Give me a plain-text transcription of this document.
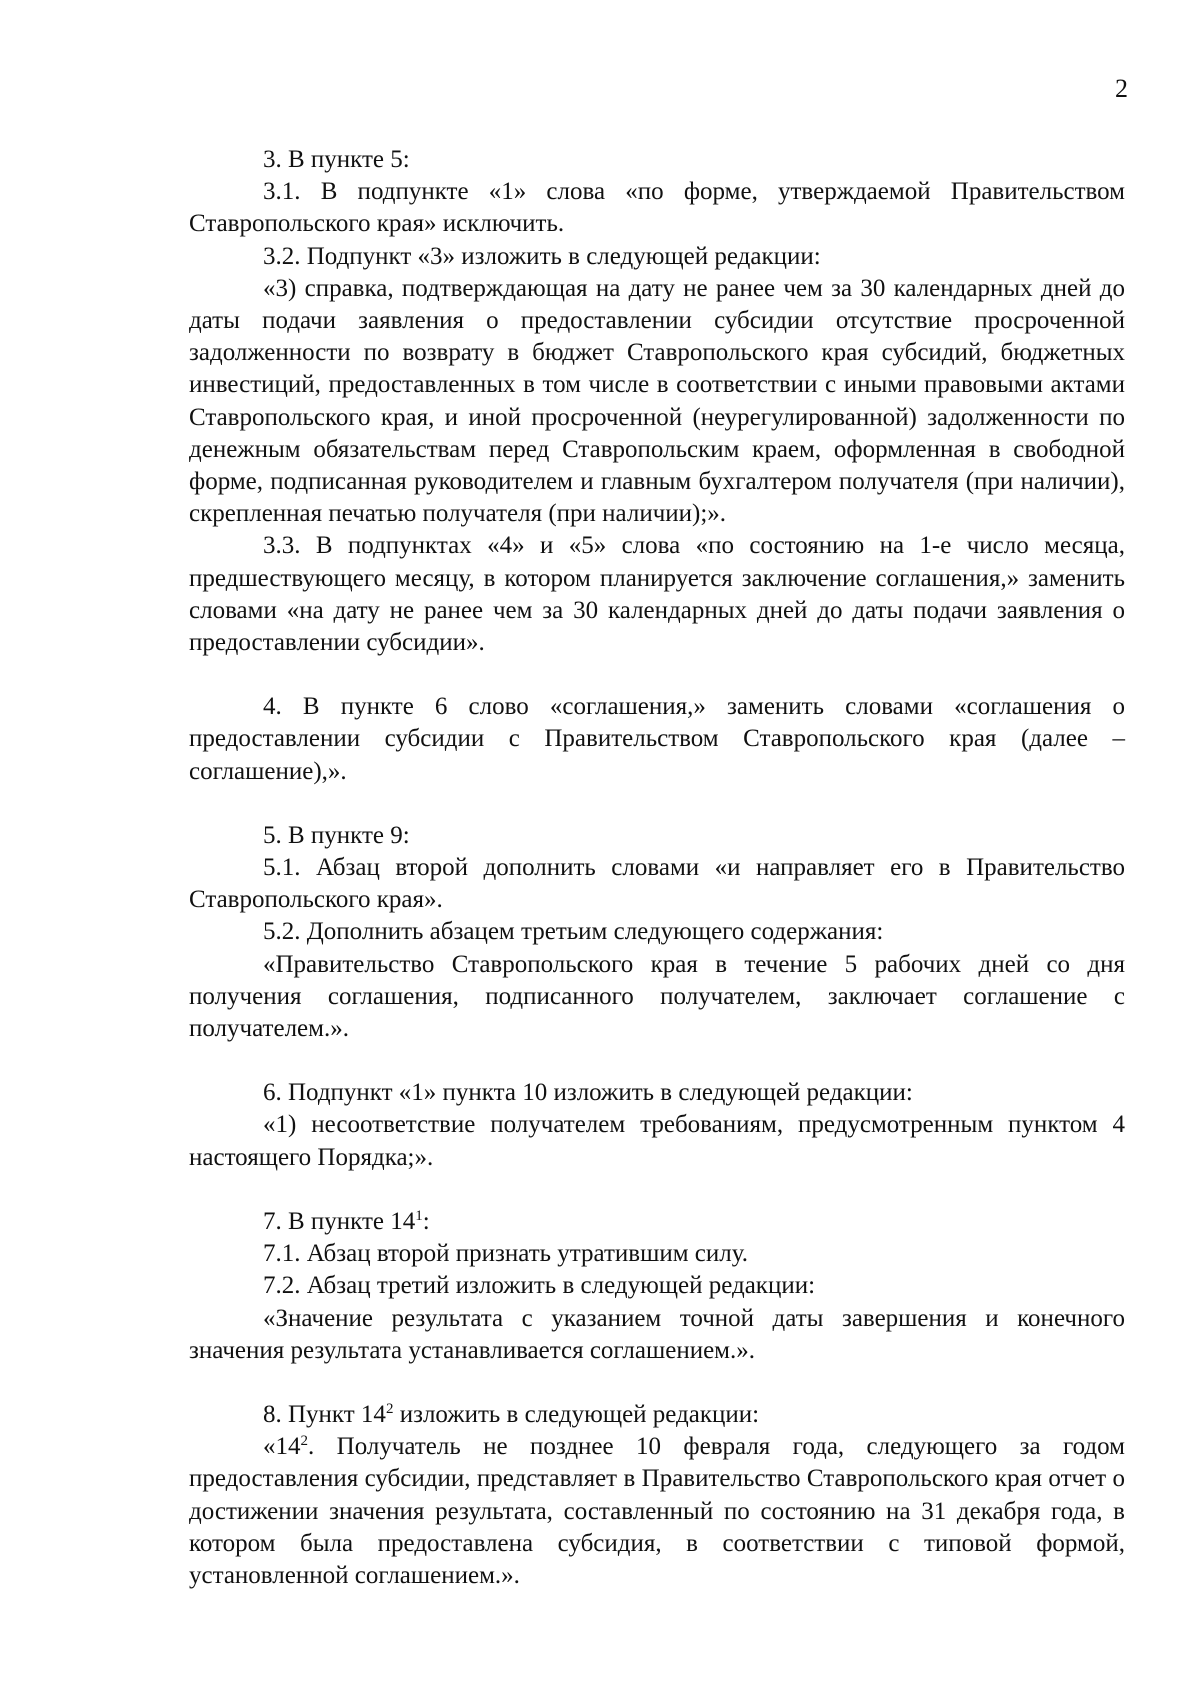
2

3. В пункте 5:

3.1. В подпункте «1» слова «по форме, утверждаемой Правительством Ставропольского края» исключить.

3.2. Подпункт «3» изложить в следующей редакции:

«3) справка, подтверждающая на дату не ранее чем за 30 календарных дней до даты подачи заявления о предоставлении субсидии отсутствие просроченной задолженности по возврату в бюджет Ставропольского края субсидий, бюджетных инвестиций, предоставленных в том числе в соответствии с иными правовыми актами Ставропольского края, и иной просроченной (неурегулированной) задолженности по денежным обязательствам перед Ставропольским краем, оформленная в свободной форме, подписанная руководителем и главным бухгалтером получателя (при наличии), скрепленная печатью получателя (при наличии);».

3.3. В подпунктах «4» и «5» слова «по состоянию на 1-е число месяца, предшествующего месяцу, в котором планируется заключение соглашения,» заменить словами «на дату не ранее чем за 30 календарных дней до даты подачи заявления о предоставлении субсидии».

4. В пункте 6 слово «соглашения,» заменить словами «соглашения о предоставлении субсидии с Правительством Ставропольского края (далее – соглашение),».

5. В пункте 9:

5.1. Абзац второй дополнить словами «и направляет его в Правительство Ставропольского края».

5.2. Дополнить абзацем третьим следующего содержания:

«Правительство Ставропольского края в течение 5 рабочих дней со дня получения соглашения, подписанного получателем, заключает соглашение с получателем.».

6. Подпункт «1» пункта 10 изложить в следующей редакции:

«1) несоответствие получателем требованиям, предусмотренным пунктом 4 настоящего Порядка;».

7. В пункте $14^1$:

7.1. Абзац второй признать утратившим силу.

7.2. Абзац третий изложить в следующей редакции:

«Значение результата с указанием точной даты завершения и конечного значения результата устанавливается соглашением.».

8. Пункт $14^2$ изложить в следующей редакции:

«$14^2$. Получатель не позднее 10 февраля года, следующего за годом предоставления субсидии, представляет в Правительство Ставропольского края отчет о достижении значения результата, составленный по состоянию на 31 декабря года, в котором была предоставлена субсидия, в соответствии с типовой формой, установленной соглашением.».
